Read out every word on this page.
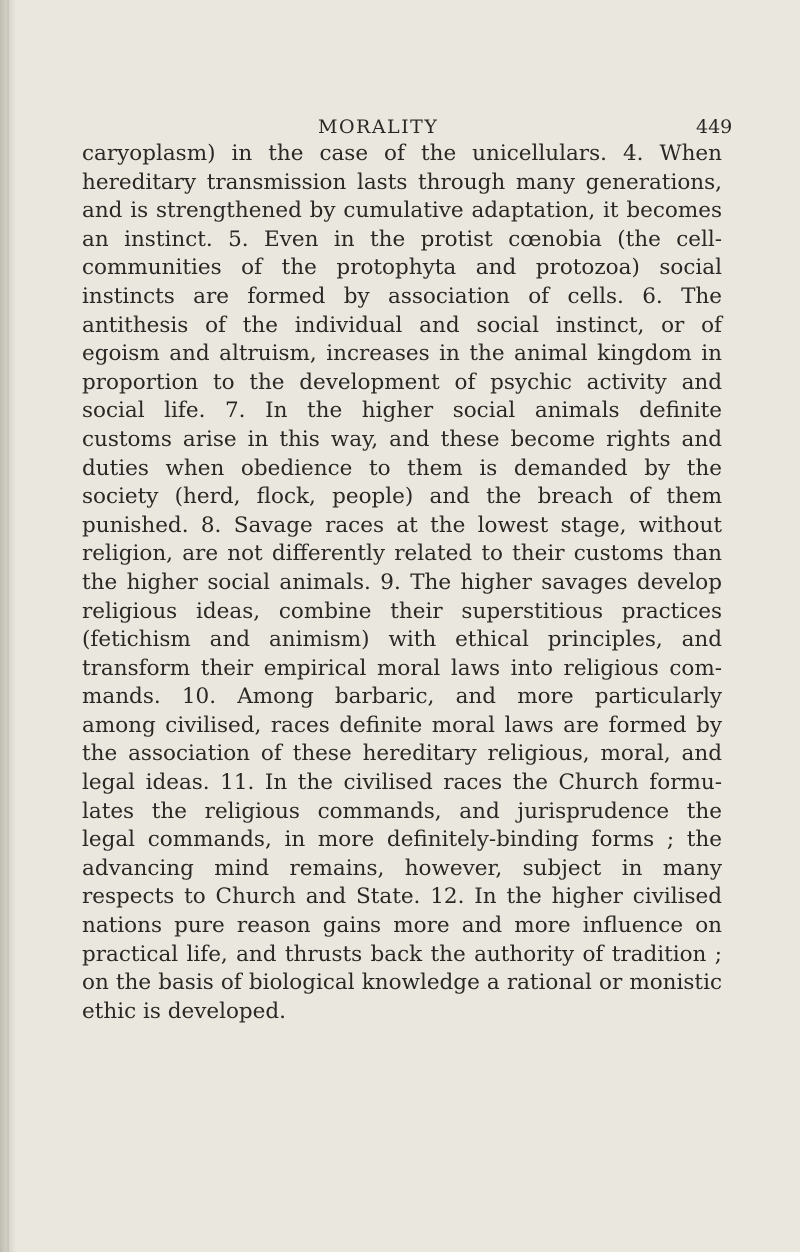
MORALITY	449
caryoplasm) in the case of the unicellulars. 4. When
hereditary transmission lasts through many generations,
and is strengthened by cumulative adaptation, it becomes
an instinct. 5. Even in the protist cœnobia (the cell-
communities of the protophyta and protozoa) social
instincts are formed by association of cells. 6. The
antithesis of the individual and social instinct, or of
egoism and altruism, increases in the animal kingdom in
proportion to the development of psychic activity and
social life. 7. In the higher social animals definite
customs arise in this way, and these become rights and
duties when obedience to them is demanded by the
society (herd, flock, people) and the breach of them
punished. 8. Savage races at the lowest stage, without
religion, are not differently related to their customs than
the higher social animals. 9. The higher savages develop
religious ideas, combine their superstitious practices
(fetichism and animism) with ethical principles, and
transform their empirical moral laws into religious com-
mands. 10. Among barbaric, and more particularly
among civilised, races definite moral laws are formed by
the association of these hereditary religious, moral, and
legal ideas. 11. In the civilised races the Church formu-
lates the religious commands, and jurisprudence the
legal commands, in more definitely-binding forms ; the
advancing mind remains, however, subject in many
respects to Church and State. 12. In the higher civilised
nations pure reason gains more and more influence on
practical life, and thrusts back the authority of tradition ;
on the basis of biological knowledge a rational or monistic
ethic is developed.
